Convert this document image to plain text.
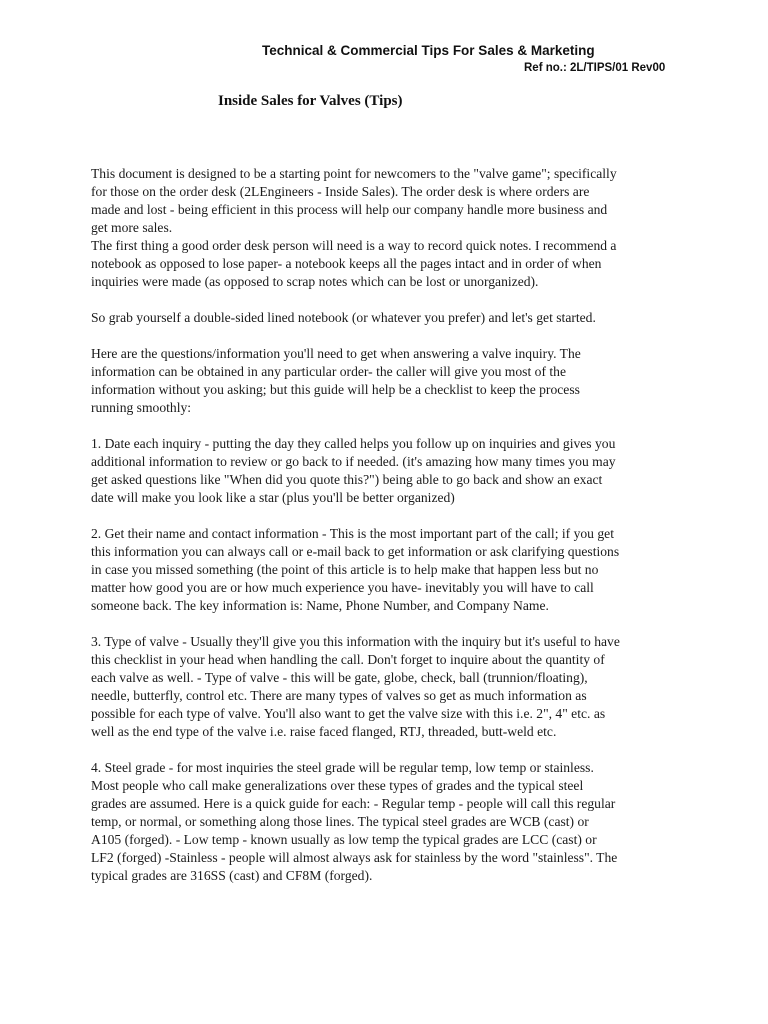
Technical & Commercial Tips For Sales & Marketing
Ref no.: 2L/TIPS/01 Rev00
Inside Sales for Valves (Tips)
This document is designed to be a starting point for newcomers to the "valve game"; specifically
for those on the order desk (2LEngineers - Inside Sales). The order desk is where orders are
made and lost - being efficient in this process will help our company handle more business and
get more sales.
The first thing a good order desk person will need is a way to record quick notes. I recommend a
notebook as opposed to lose paper- a notebook keeps all the pages intact and in order of when
inquiries were made (as opposed to scrap notes which can be lost or unorganized).
So grab yourself a double-sided lined notebook (or whatever you prefer) and let's get started.
Here are the questions/information you'll need to get when answering a valve inquiry. The
information can be obtained in any particular order- the caller will give you most of the
information without you asking; but this guide will help be a checklist to keep the process
running smoothly:
1. Date each inquiry - putting the day they called helps you follow up on inquiries and gives you
additional information to review or go back to if needed. (it's amazing how many times you may
get asked questions like "When did you quote this?") being able to go back and show an exact
date will make you look like a star (plus you'll be better organized)
2. Get their name and contact information - This is the most important part of the call; if you get
this information you can always call or e-mail back to get information or ask clarifying questions
in case you missed something (the point of this article is to help make that happen less but no
matter how good you are or how much experience you have- inevitably you will have to call
someone back. The key information is: Name, Phone Number, and Company Name.
3. Type of valve - Usually they'll give you this information with the inquiry but it's useful to have
this checklist in your head when handling the call. Don't forget to inquire about the quantity of
each valve as well. - Type of valve - this will be gate, globe, check, ball (trunnion/floating),
needle, butterfly, control etc. There are many types of valves so get as much information as
possible for each type of valve. You'll also want to get the valve size with this i.e. 2", 4" etc. as
well as the end type of the valve i.e. raise faced flanged, RTJ, threaded, butt-weld etc.
4. Steel grade - for most inquiries the steel grade will be regular temp, low temp or stainless.
Most people who call make generalizations over these types of grades and the typical steel
grades are assumed. Here is a quick guide for each: - Regular temp - people will call this regular
temp, or normal, or something along those lines. The typical steel grades are WCB (cast) or
A105 (forged). - Low temp - known usually as low temp the typical grades are LCC (cast) or
LF2 (forged) -Stainless - people will almost always ask for stainless by the word "stainless". The
typical grades are 316SS (cast) and CF8M (forged).
